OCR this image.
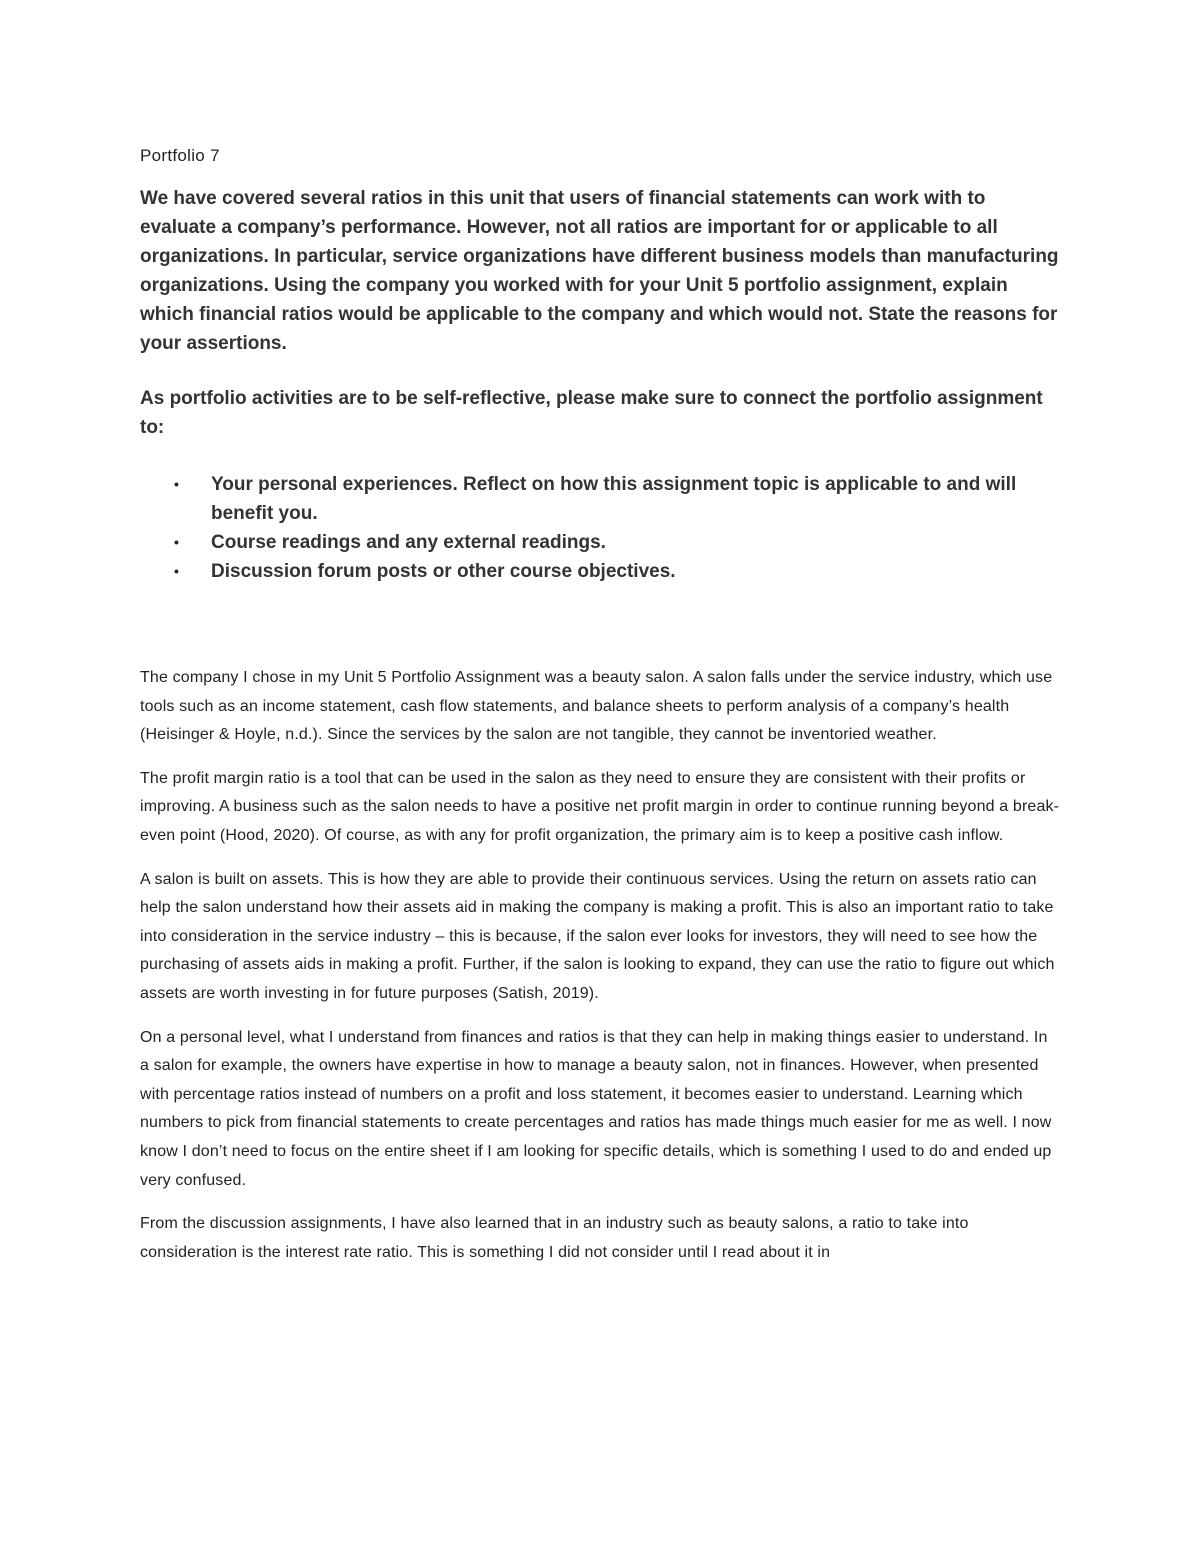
Portfolio 7

We have covered several ratios in this unit that users of financial statements can work with to evaluate a company’s performance. However, not all ratios are important for or applicable to all organizations. In particular, service organizations have different business models than manufacturing organizations. Using the company you worked with for your Unit 5 portfolio assignment, explain which financial ratios would be applicable to the company and which would not. State the reasons for your assertions.

As portfolio activities are to be self-reflective, please make sure to connect the portfolio assignment to:

• Your personal experiences. Reflect on how this assignment topic is applicable to and will benefit you.
• Course readings and any external readings.
• Discussion forum posts or other course objectives.

The company I chose in my Unit 5 Portfolio Assignment was a beauty salon. A salon falls under the service industry, which use tools such as an income statement, cash flow statements, and balance sheets to perform analysis of a company’s health (Heisinger & Hoyle, n.d.). Since the services by the salon are not tangible, they cannot be inventoried weather.

The profit margin ratio is a tool that can be used in the salon as they need to ensure they are consistent with their profits or improving. A business such as the salon needs to have a positive net profit margin in order to continue running beyond a break-even point (Hood, 2020). Of course, as with any for profit organization, the primary aim is to keep a positive cash inflow.

A salon is built on assets. This is how they are able to provide their continuous services. Using the return on assets ratio can help the salon understand how their assets aid in making the company is making a profit. This is also an important ratio to take into consideration in the service industry – this is because, if the salon ever looks for investors, they will need to see how the purchasing of assets aids in making a profit. Further, if the salon is looking to expand, they can use the ratio to figure out which assets are worth investing in for future purposes (Satish, 2019).

On a personal level, what I understand from finances and ratios is that they can help in making things easier to understand. In a salon for example, the owners have expertise in how to manage a beauty salon, not in finances. However, when presented with percentage ratios instead of numbers on a profit and loss statement, it becomes easier to understand. Learning which numbers to pick from financial statements to create percentages and ratios has made things much easier for me as well. I now know I don’t need to focus on the entire sheet if I am looking for specific details, which is something I used to do and ended up very confused.

From the discussion assignments, I have also learned that in an industry such as beauty salons, a ratio to take into consideration is the interest rate ratio. This is something I did not consider until I read about it in
